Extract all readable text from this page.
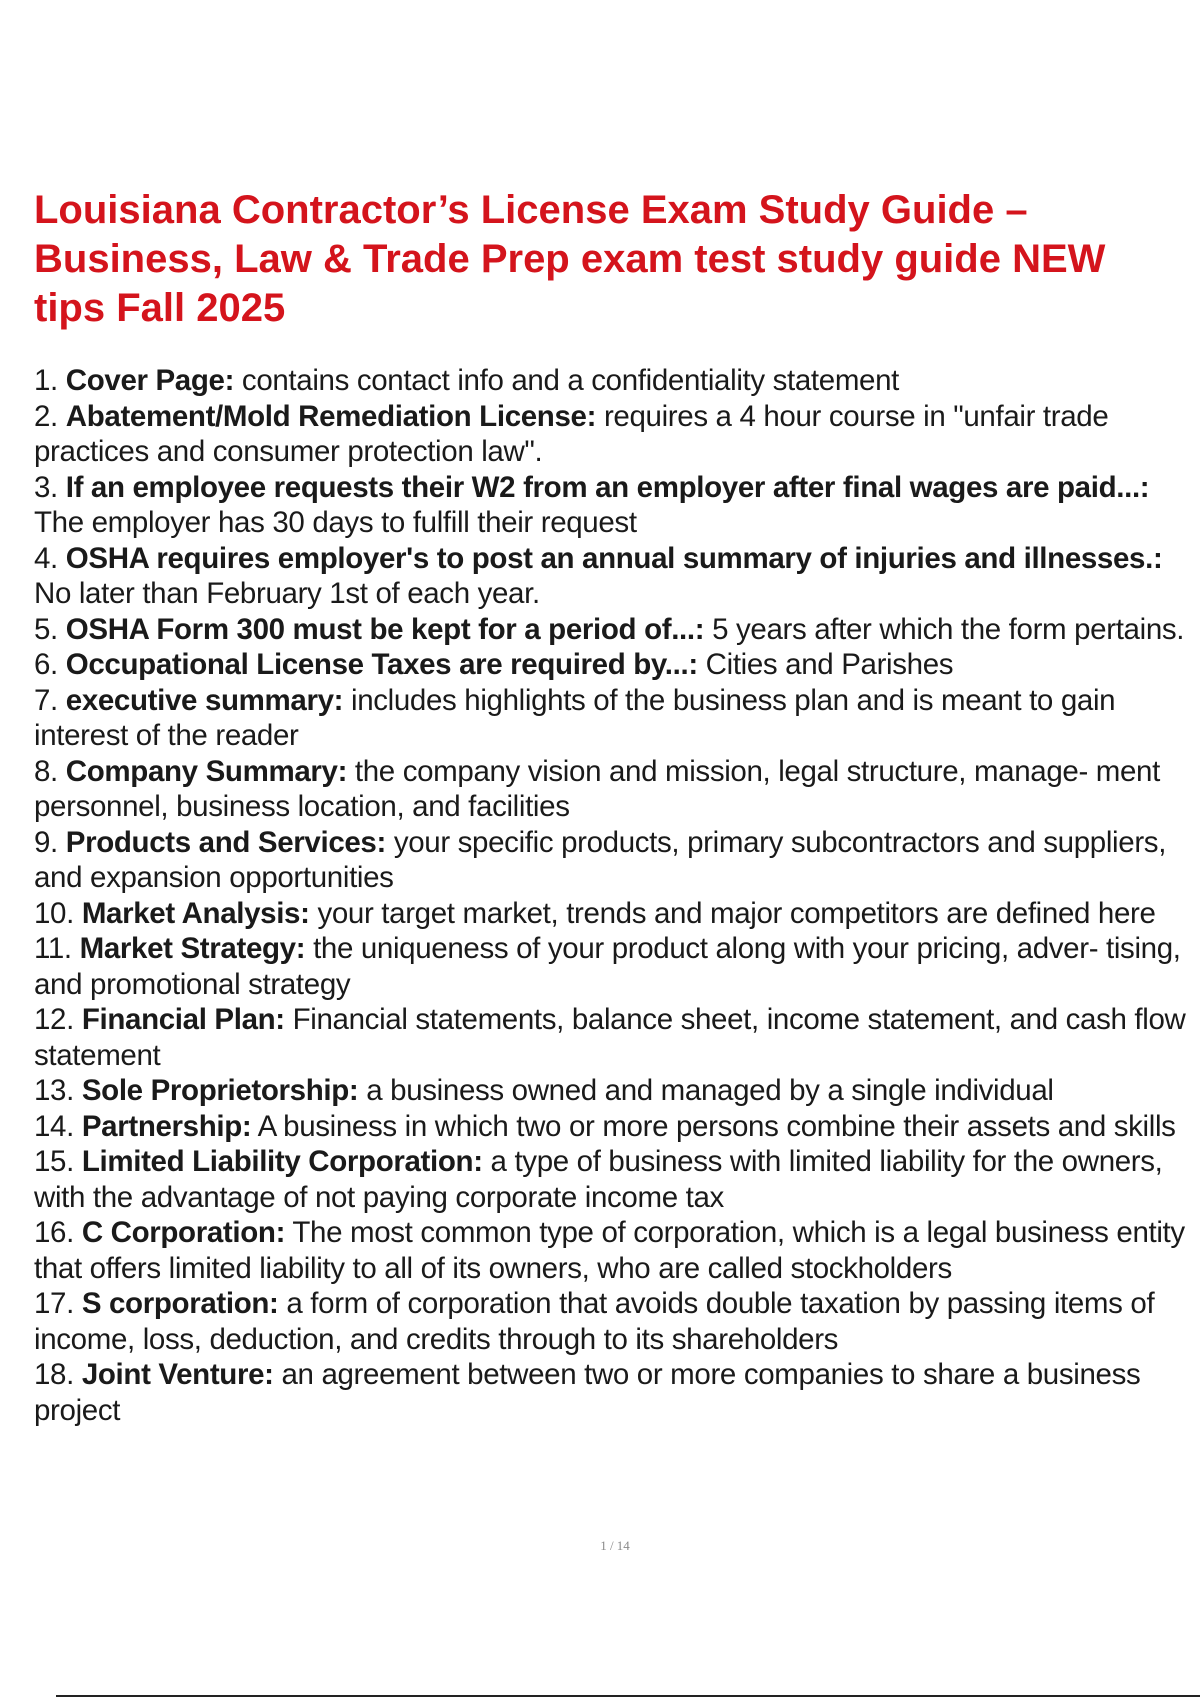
Louisiana Contractor’s License Exam Study Guide – Business, Law & Trade Prep exam test study guide NEW tips Fall 2025
1. Cover Page: contains contact info and a confidentiality statement
2. Abatement/Mold Remediation License: requires a 4 hour course in "unfair trade practices and consumer protection law".
3. If an employee requests their W2 from an employer after final wages are paid...: The employer has 30 days to fulfill their request
4. OSHA requires employer's to post an annual summary of injuries and illnesses.: No later than February 1st of each year.
5. OSHA Form 300 must be kept for a period of...: 5 years after which the form pertains.
6. Occupational License Taxes are required by...: Cities and Parishes
7. executive summary: includes highlights of the business plan and is meant to gain interest of the reader
8. Company Summary: the company vision and mission, legal structure, manage- ment personnel, business location, and facilities
9. Products and Services: your specific products, primary subcontractors and suppliers, and expansion opportunities
10. Market Analysis: your target market, trends and major competitors are defined here
11. Market Strategy: the uniqueness of your product along with your pricing, adver- tising, and promotional strategy
12. Financial Plan: Financial statements, balance sheet, income statement, and cash flow statement
13. Sole Proprietorship: a business owned and managed by a single individual
14. Partnership: A business in which two or more persons combine their assets and skills
15. Limited Liability Corporation: a type of business with limited liability for the owners, with the advantage of not paying corporate income tax
16. C Corporation: The most common type of corporation, which is a legal business entity that offers limited liability to all of its owners, who are called stockholders
17. S corporation: a form of corporation that avoids double taxation by passing items of income, loss, deduction, and credits through to its shareholders
18. Joint Venture: an agreement between two or more companies to share a business project
1 / 14
